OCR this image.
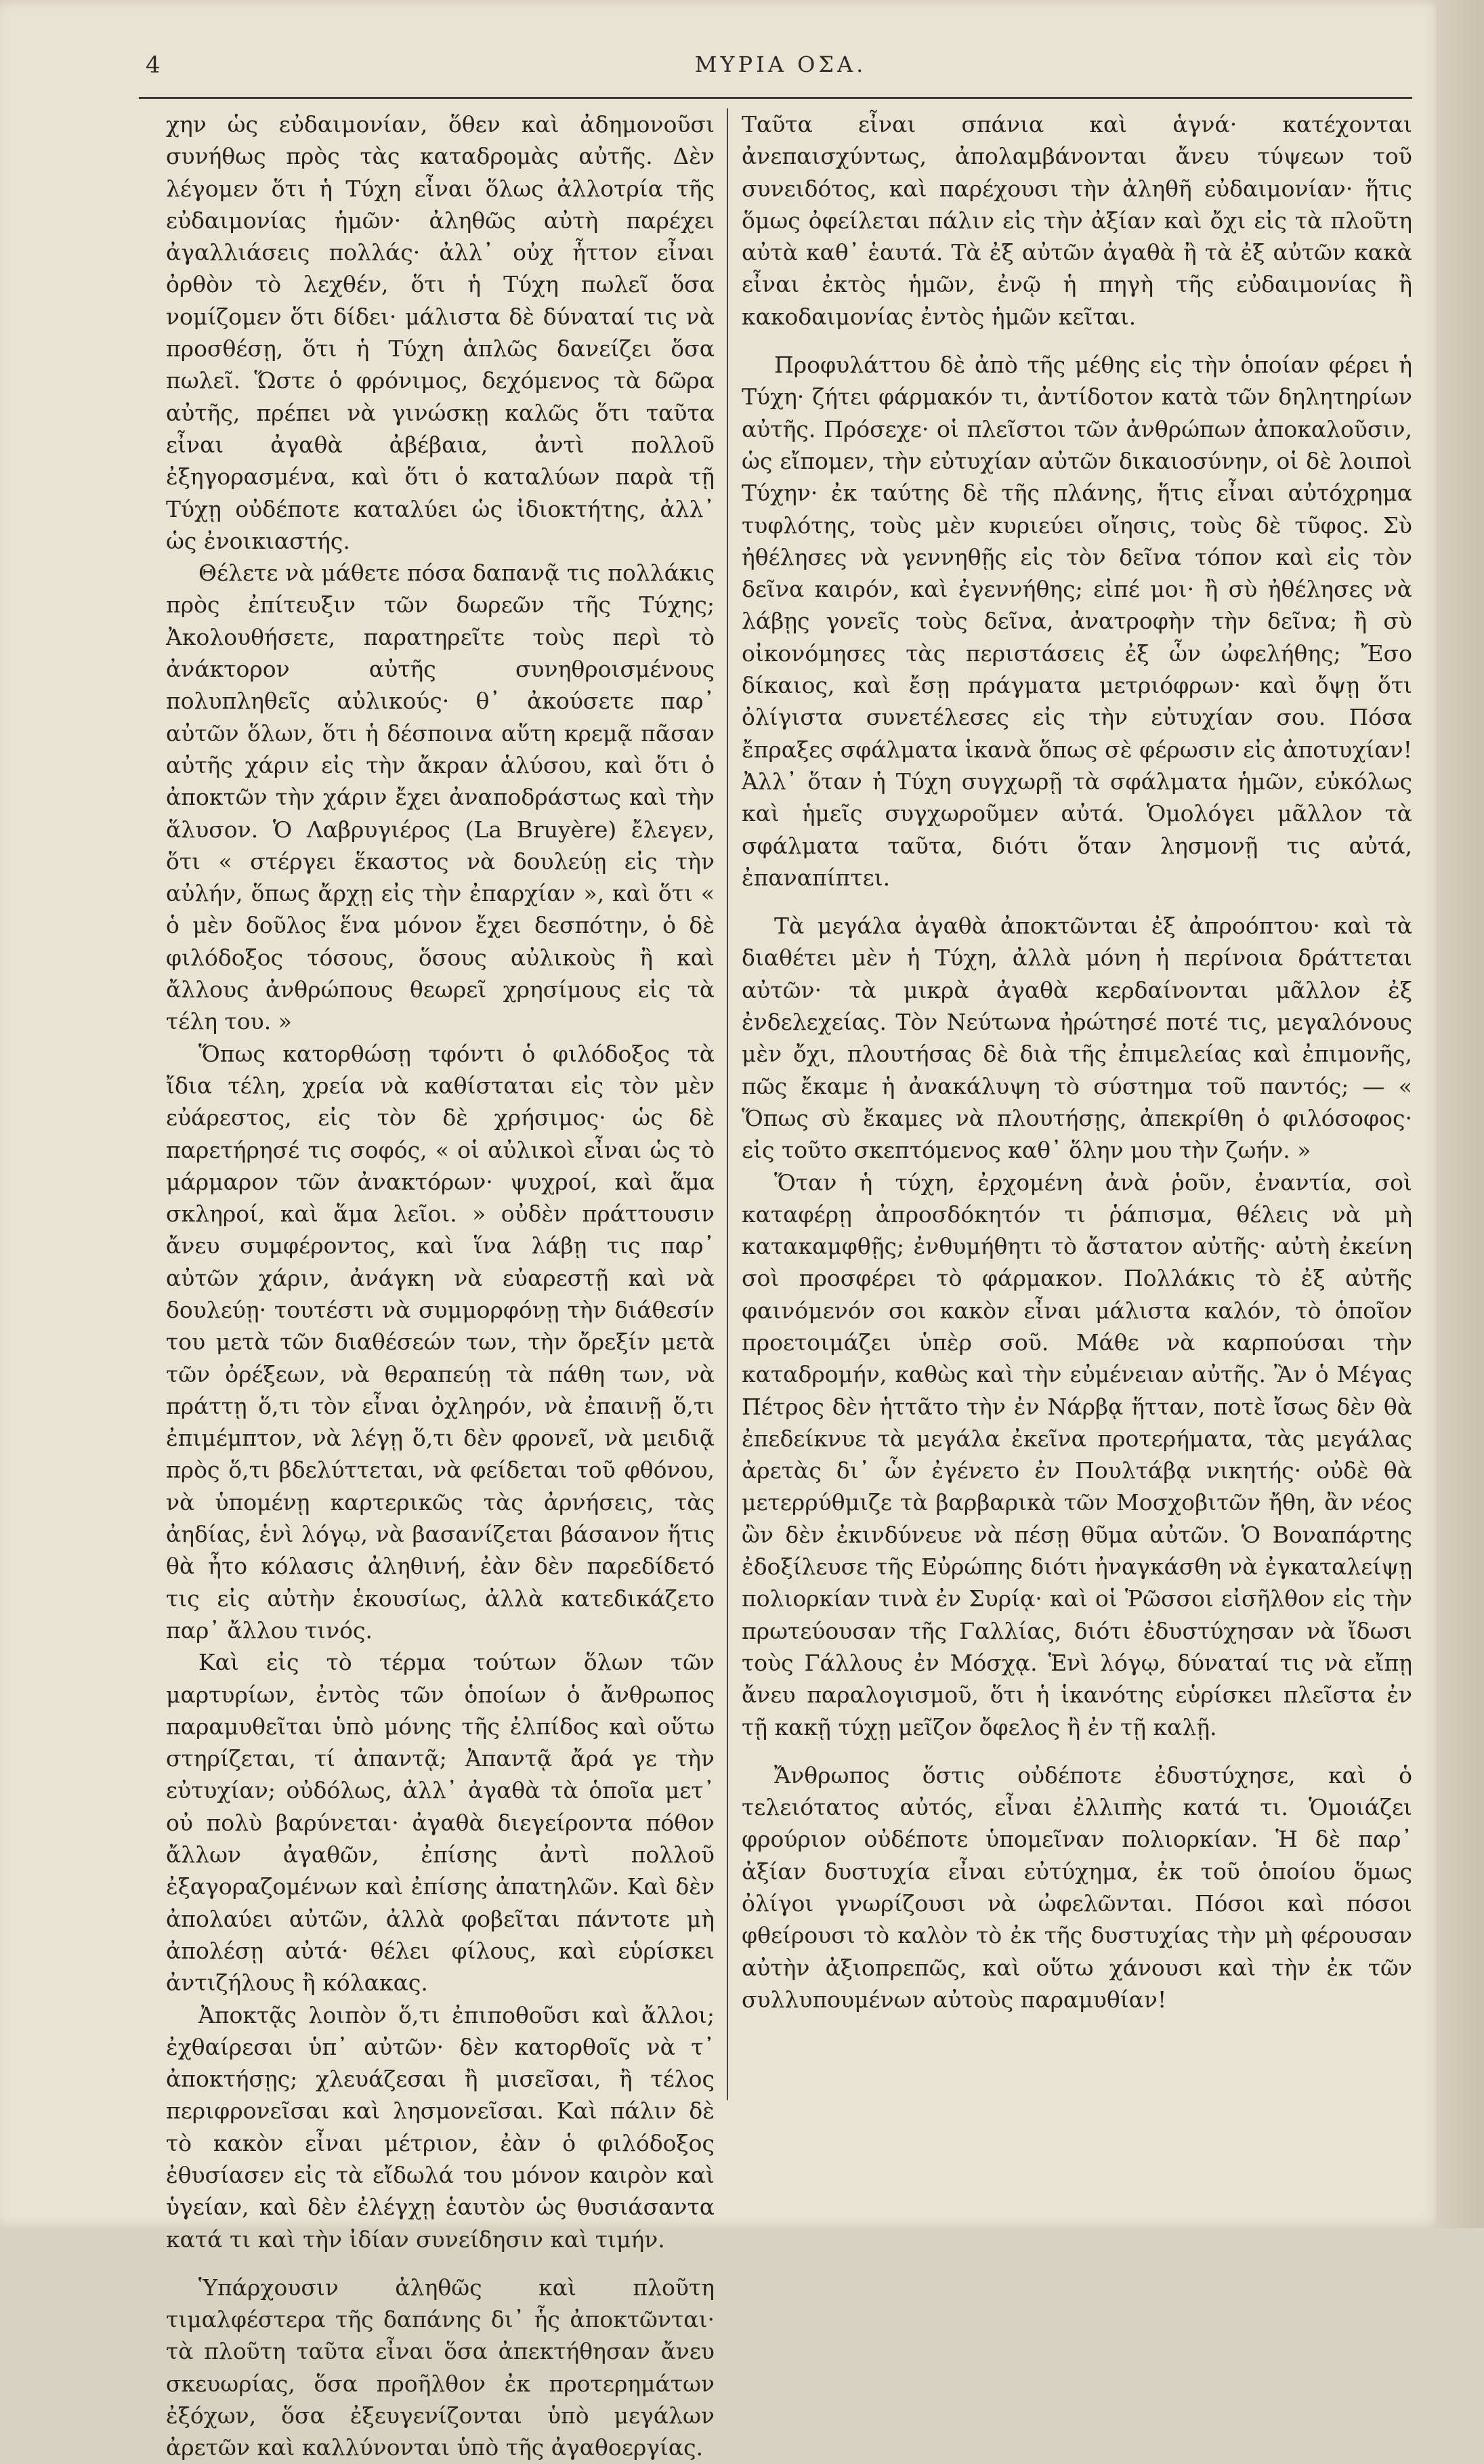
4	ΜΥΡΙΑ ΟΣΑ.

χην ὡς εὐδαιμονίαν, ὅθεν καὶ ἀδημονοῦσι συνήθως πρὸς τὰς καταδρομὰς αὐτῆς. Δὲν λέγομεν ὅτι ἡ Τύχη εἶναι ὅλως ἀλλοτρία τῆς εὐδαιμονίας ἡμῶν· ἀληθῶς αὐτὴ παρέχει ἀγαλλιάσεις πολλάς· ἀλλ᾽ οὐχ ἧττον εἶναι ὀρθὸν τὸ λεχθέν, ὅτι ἡ Τύχη πωλεῖ ὅσα νομίζομεν ὅτι δίδει· μάλιστα δὲ δύναταί τις νὰ προσθέσῃ, ὅτι ἡ Τύχη ἁπλῶς δανείζει ὅσα πωλεῖ. Ὥστε ὁ φρόνιμος, δεχόμενος τὰ δῶρα αὐτῆς, πρέπει νὰ γινώσκῃ καλῶς ὅτι ταῦτα εἶναι ἀγαθὰ ἀβέβαια, ἀντὶ πολλοῦ ἐξηγορασμένα, καὶ ὅτι ὁ καταλύων παρὰ τῇ Τύχῃ οὐδέποτε καταλύει ὡς ἰδιοκτήτης, ἀλλ᾽ ὡς ἐνοικιαστής.

Θέλετε νὰ μάθετε πόσα δαπανᾷ τις πολλάκις πρὸς ἐπίτευξιν τῶν δωρεῶν τῆς Τύχης; Ἀκολουθήσετε, παρατηρεῖτε τοὺς περὶ τὸ ἀνάκτορον αὐτῆς συνηθροισμένους πολυπληθεῖς αὐλικούς· θ᾽ ἀκούσετε παρ᾽ αὐτῶν ὅλων, ὅτι ἡ δέσποινα αὕτη κρεμᾷ πᾶσαν αὐτῆς χάριν εἰς τὴν ἄκραν ἁλύσου, καὶ ὅτι ὁ ἀποκτῶν τὴν χάριν ἔχει ἀναποδράστως καὶ τὴν ἅλυσον. Ὁ Λαβρυγιέρος (La Bruyère) ἔλεγεν, ὅτι « στέργει ἕκαστος νὰ δουλεύῃ εἰς τὴν αὐλήν, ὅπως ἄρχῃ εἰς τὴν ἐπαρχίαν », καὶ ὅτι « ὁ μὲν δοῦλος ἕνα μόνον ἔχει δεσπότην, ὁ δὲ φιλόδοξος τόσους, ὅσους αὐλικοὺς ἢ καὶ ἄλλους ἀνθρώπους θεωρεῖ χρησίμους εἰς τὰ τέλη του. »

Ὅπως κατορθώσῃ τφόντι ὁ φιλόδοξος τὰ ἴδια τέλη, χρεία νὰ καθίσταται εἰς τὸν μὲν εὐάρεστος, εἰς τὸν δὲ χρήσιμος· ὡς δὲ παρετήρησέ τις σοφός, « οἱ αὐλικοὶ εἶναι ὡς τὸ μάρμαρον τῶν ἀνακτόρων· ψυχροί, καὶ ἅμα σκληροί, καὶ ἅμα λεῖοι. » οὐδὲν πράττουσιν ἄνευ συμφέροντος, καὶ ἵνα λάβῃ τις παρ᾽ αὐτῶν χάριν, ἀνάγκη νὰ εὐαρεστῇ καὶ νὰ δουλεύῃ· τουτέστι νὰ συμμορφόνῃ τὴν διάθεσίν του μετὰ τῶν διαθέσεών των, τὴν ὄρεξίν μετὰ τῶν ὀρέξεων, νὰ θεραπεύῃ τὰ πάθη των, νὰ πράττῃ ὅ,τι τὸν εἶναι ὀχληρόν, νὰ ἐπαινῇ ὅ,τι ἐπιμέμπτον, νὰ λέγῃ ὅ,τι δὲν φρονεῖ, νὰ μειδιᾷ πρὸς ὅ,τι βδελύττεται, νὰ φείδεται τοῦ φθόνου, νὰ ὑπομένῃ καρτερικῶς τὰς ἀρνήσεις, τὰς ἀηδίας, ἑνὶ λόγῳ, νὰ βασανίζεται βάσανον ἥτις θὰ ἦτο κόλασις ἀληθινή, ἐὰν δὲν παρεδίδετό τις εἰς αὐτὴν ἑκουσίως, ἀλλὰ κατεδικάζετο παρ᾽ ἄλλου τινός.

Καὶ εἰς τὸ τέρμα τούτων ὅλων τῶν μαρτυρίων, ἐντὸς τῶν ὁποίων ὁ ἄνθρωπος παραμυθεῖται ὑπὸ μόνης τῆς ἐλπίδος καὶ οὕτω στηρίζεται, τί ἀπαντᾷ; Ἀπαντᾷ ἄρά γε τὴν εὐτυχίαν; οὐδόλως, ἀλλ᾽ ἀγαθὰ τὰ ὁποῖα μετ᾽ οὐ πολὺ βαρύνεται· ἀγαθὰ διεγείροντα πόθον ἄλλων ἀγαθῶν, ἐπίσης ἀντὶ πολλοῦ ἐξαγοραζομένων καὶ ἐπίσης ἀπατηλῶν. Καὶ δὲν ἀπολαύει αὐτῶν, ἀλλὰ φοβεῖται πάντοτε μὴ ἀπολέσῃ αὐτά· θέλει φίλους, καὶ εὑρίσκει ἀντιζήλους ἢ κόλακας.

Ἀποκτᾷς λοιπὸν ὅ,τι ἐπιποθοῦσι καὶ ἄλλοι; ἐχθαίρεσαι ὑπ᾽ αὐτῶν· δὲν κατορθοῖς νὰ τ᾽ ἀποκτήσῃς; χλευάζεσαι ἢ μισεῖσαι, ἢ τέλος περιφρονεῖσαι καὶ λησμονεῖσαι. Καὶ πάλιν δὲ τὸ κακὸν εἶναι μέτριον, ἐὰν ὁ φιλόδοξος ἐθυσίασεν εἰς τὰ εἴδωλά του μόνον καιρὸν καὶ ὑγείαν, καὶ δὲν ἐλέγχῃ ἑαυτὸν ὡς θυσιάσαντα κατά τι καὶ τὴν ἰδίαν συνείδησιν καὶ τιμήν.

Ὑπάρχουσιν ἀληθῶς καὶ πλοῦτη τιμαλφέστερα τῆς δαπάνης δι᾽ ἧς ἀποκτῶνται· τὰ πλοῦτη ταῦτα εἶναι ὅσα ἀπεκτήθησαν ἄνευ σκευωρίας, ὅσα προῆλθον ἐκ προτερημάτων ἐξόχων, ὅσα ἐξευγενίζονται ὑπὸ μεγάλων ἀρετῶν καὶ καλλύνονται ὑπὸ τῆς ἀγαθοεργίας.

Ταῦτα εἶναι σπάνια καὶ ἁγνά· κατέχονται ἀνεπαισχύντως, ἀπολαμβάνονται ἄνευ τύψεων τοῦ συνειδότος, καὶ παρέχουσι τὴν ἀληθῆ εὐδαιμονίαν· ἥτις ὅμως ὀφείλεται πάλιν εἰς τὴν ἀξίαν καὶ ὄχι εἰς τὰ πλοῦτη αὐτὰ καθ᾽ ἑαυτά. Τὰ ἐξ αὐτῶν ἀγαθὰ ἢ τὰ ἐξ αὐτῶν κακὰ εἶναι ἐκτὸς ἡμῶν, ἐνῷ ἡ πηγὴ τῆς εὐδαιμονίας ἢ κακοδαιμονίας ἐντὸς ἡμῶν κεῖται.

Προφυλάττου δὲ ἀπὸ τῆς μέθης εἰς τὴν ὁποίαν φέρει ἡ Τύχη· ζήτει φάρμακόν τι, ἀντίδοτον κατὰ τῶν δηλητηρίων αὐτῆς. Πρόσεχε· οἱ πλεῖστοι τῶν ἀνθρώπων ἀποκαλοῦσιν, ὡς εἴπομεν, τὴν εὐτυχίαν αὐτῶν δικαιοσύνην, οἱ δὲ λοιποὶ Τύχην· ἐκ ταύτης δὲ τῆς πλάνης, ἥτις εἶναι αὐτόχρημα τυφλότης, τοὺς μὲν κυριεύει οἴησις, τοὺς δὲ τῦφος. Σὺ ἠθέλησες νὰ γεννηθῇς εἰς τὸν δεῖνα τόπον καὶ εἰς τὸν δεῖνα καιρόν, καὶ ἐγεννήθης; εἰπέ μοι· ἢ σὺ ἠθέλησες νὰ λάβῃς γονεῖς τοὺς δεῖνα, ἀνατροφὴν τὴν δεῖνα; ἢ σὺ οἰκονόμησες τὰς περιστάσεις ἐξ ὧν ὠφελήθης; Ἔσο δίκαιος, καὶ ἔσῃ πράγματα μετριόφρων· καὶ ὄψῃ ὅτι ὀλίγιστα συνετέλεσες εἰς τὴν εὐτυχίαν σου. Πόσα ἔπραξες σφάλματα ἱκανὰ ὅπως σὲ φέρωσιν εἰς ἀποτυχίαν! Ἀλλ᾽ ὅταν ἡ Τύχη συγχωρῇ τὰ σφάλματα ἡμῶν, εὐκόλως καὶ ἡμεῖς συγχωροῦμεν αὐτά. Ὁμολόγει μᾶλλον τὰ σφάλματα ταῦτα, διότι ὅταν λησμονῇ τις αὐτά, ἐπαναπίπτει.

Τὰ μεγάλα ἀγαθὰ ἀποκτῶνται ἐξ ἀπροόπτου· καὶ τὰ διαθέτει μὲν ἡ Τύχη, ἀλλὰ μόνη ἡ περίνοια δράττεται αὐτῶν· τὰ μικρὰ ἀγαθὰ κερδαίνονται μᾶλλον ἐξ ἐνδελεχείας. Τὸν Νεύτωνα ἠρώτησέ ποτέ τις, μεγαλόνους μὲν ὄχι, πλουτήσας δὲ διὰ τῆς ἐπιμελείας καὶ ἐπιμονῆς, πῶς ἔκαμε ἡ ἀνακάλυψη τὸ σύστημα τοῦ παντός; — « Ὅπως σὺ ἔκαμες νὰ πλουτήσῃς, ἀπεκρίθη ὁ φιλόσοφος· εἰς τοῦτο σκεπτόμενος καθ᾽ ὅλην μου τὴν ζωήν. »

Ὅταν ἡ τύχη, ἐρχομένη ἀνὰ ῥοῦν, ἐναντία, σοὶ καταφέρῃ ἀπροσδόκητόν τι ῥάπισμα, θέλεις νὰ μὴ κατακαμφθῇς; ἐνθυμήθητι τὸ ἄστατον αὐτῆς· αὐτὴ ἐκείνη σοὶ προσφέρει τὸ φάρμακον. Πολλάκις τὸ ἐξ αὐτῆς φαινόμενόν σοι κακὸν εἶναι μάλιστα καλόν, τὸ ὁποῖον προετοιμάζει ὑπὲρ σοῦ. Μάθε νὰ καρπούσαι τὴν καταδρομήν, καθὼς καὶ τὴν εὐμένειαν αὐτῆς. Ἂν ὁ Μέγας Πέτρος δὲν ἡττᾶτο τὴν ἐν Νάρβᾳ ἥτταν, ποτὲ ἴσως δὲν θὰ ἐπεδείκνυε τὰ μεγάλα ἐκεῖνα προτερήματα, τὰς μεγάλας ἀρετὰς δι᾽ ὧν ἐγένετο ἐν Πουλτάβᾳ νικητής· οὐδὲ θὰ μετερρύθμιζε τὰ βαρβαρικὰ τῶν Μοσχοβιτῶν ἤθη, ἂν νέος ὢν δὲν ἐκινδύνευε νὰ πέσῃ θῦμα αὐτῶν. Ὁ Βοναπάρτης ἐδοξίλευσε τῆς Εὐρώπης διότι ἠναγκάσθη νὰ ἐγκαταλείψῃ πολιορκίαν τινὰ ἐν Συρίᾳ· καὶ οἱ Ῥῶσσοι εἰσῆλθον εἰς τὴν πρωτεύουσαν τῆς Γαλλίας, διότι ἐδυστύχησαν νὰ ἴδωσι τοὺς Γάλλους ἐν Μόσχᾳ. Ἑνὶ λόγῳ, δύναταί τις νὰ εἴπῃ ἄνευ παραλογισμοῦ, ὅτι ἡ ἱκανότης εὑρίσκει πλεῖστα ἐν τῇ κακῇ τύχῃ μεῖζον ὄφελος ἢ ἐν τῇ καλῇ.

Ἄνθρωπος ὅστις οὐδέποτε ἐδυστύχησε, καὶ ὁ τελειότατος αὐτός, εἶναι ἐλλιπὴς κατά τι. Ὁμοιάζει φρούριον οὐδέποτε ὑπομεῖναν πολιορκίαν. Ἡ δὲ παρ᾽ ἀξίαν δυστυχία εἶναι εὐτύχημα, ἐκ τοῦ ὁποίου ὅμως ὀλίγοι γνωρίζουσι νὰ ὠφελῶνται. Πόσοι καὶ πόσοι φθείρουσι τὸ καλὸν τὸ ἐκ τῆς δυστυχίας τὴν μὴ φέρουσαν αὐτὴν ἀξιοπρεπῶς, καὶ οὕτω χάνουσι καὶ τὴν ἐκ τῶν συλλυπουμένων αὐτοὺς παραμυθίαν!
